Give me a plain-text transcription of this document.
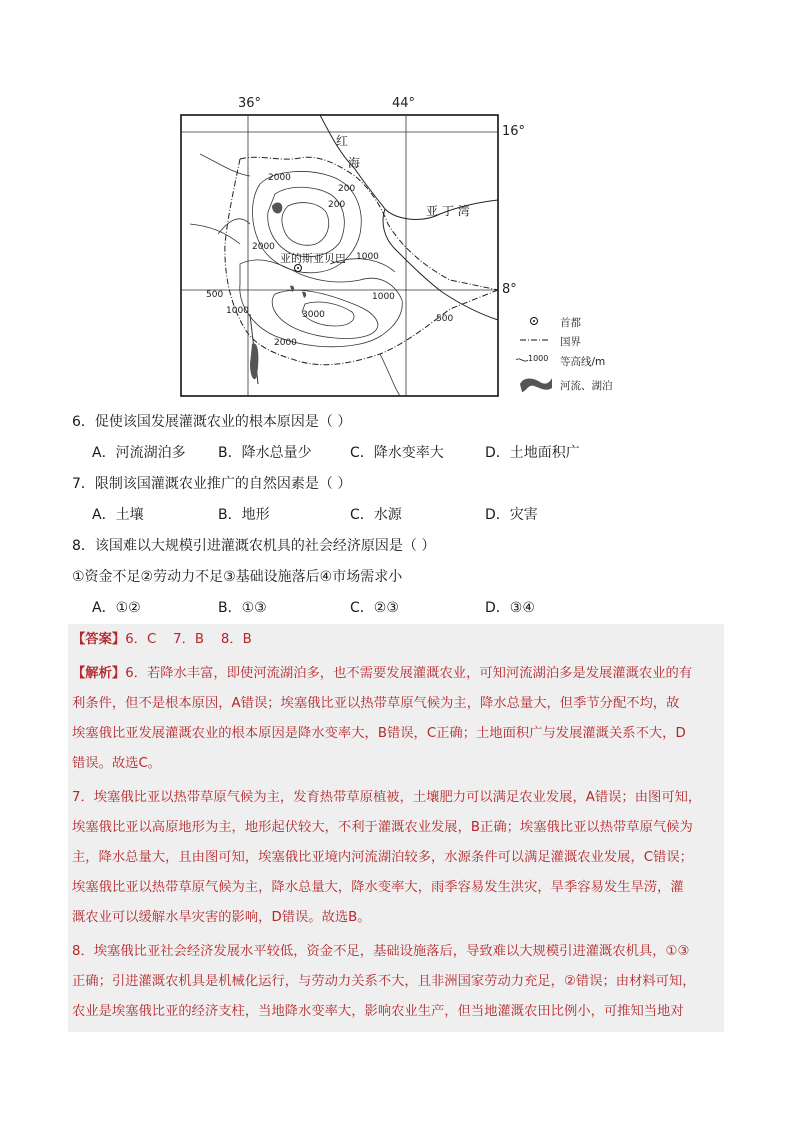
36°	44°
16°
8°
红
海
亚 丁 湾
亚的斯亚贝巴
2000
200
200
2000
1000
500
1000
1000
3000	500
2000
1000
首都
国界
等高线/m
河流、湖泊
6．促使该国发展灌溉农业的根本原因是（ ）
A．河流湖泊多 B．降水总量少	C．降水变率大	D．土地面积广
7．限制该国灌溉农业推广的自然因素是（ ）
A．土壤	B．地形	C．水源	D．灾害
8．该国难以大规模引进灌溉农机具的社会经济原因是（ ）
①资金不足②劳动力不足③基础设施落后④市场需求小
A．①②	B．①③	C．②③	D．③④
【答案】6．C    7．B    8．B
【解析】6．若降水丰富，即使河流湖泊多，也不需要发展灌溉农业，可知河流湖泊多是发展灌溉农业的有
利条件，但不是根本原因，A错误；埃塞俄比亚以热带草原气候为主，降水总量大，但季节分配不均，故
埃塞俄比亚发展灌溉农业的根本原因是降水变率大，B错误，C正确；土地面积广与发展灌溉关系不大，D
错误。故选C。
7．埃塞俄比亚以热带草原气候为主，发育热带草原植被，土壤肥力可以满足农业发展，A错误；由图可知，
埃塞俄比亚以高原地形为主，地形起伏较大，不利于灌溉农业发展，B正确；埃塞俄比亚以热带草原气候为
主，降水总量大，且由图可知，埃塞俄比亚境内河流湖泊较多，水源条件可以满足灌溉农业发展，C错误；
埃塞俄比亚以热带草原气候为主，降水总量大，降水变率大，雨季容易发生洪灾，旱季容易发生旱涝，灌
溉农业可以缓解水旱灾害的影响，D错误。故选B。
8．埃塞俄比亚社会经济发展水平较低，资金不足，基础设施落后，导致难以大规模引进灌溉农机具，①③
正确；引进灌溉农机具是机械化运行，与劳动力关系不大，且非洲国家劳动力充足，②错误；由材料可知，
农业是埃塞俄比亚的经济支柱，当地降水变率大，影响农业生产，但当地灌溉农田比例小，可推知当地对
